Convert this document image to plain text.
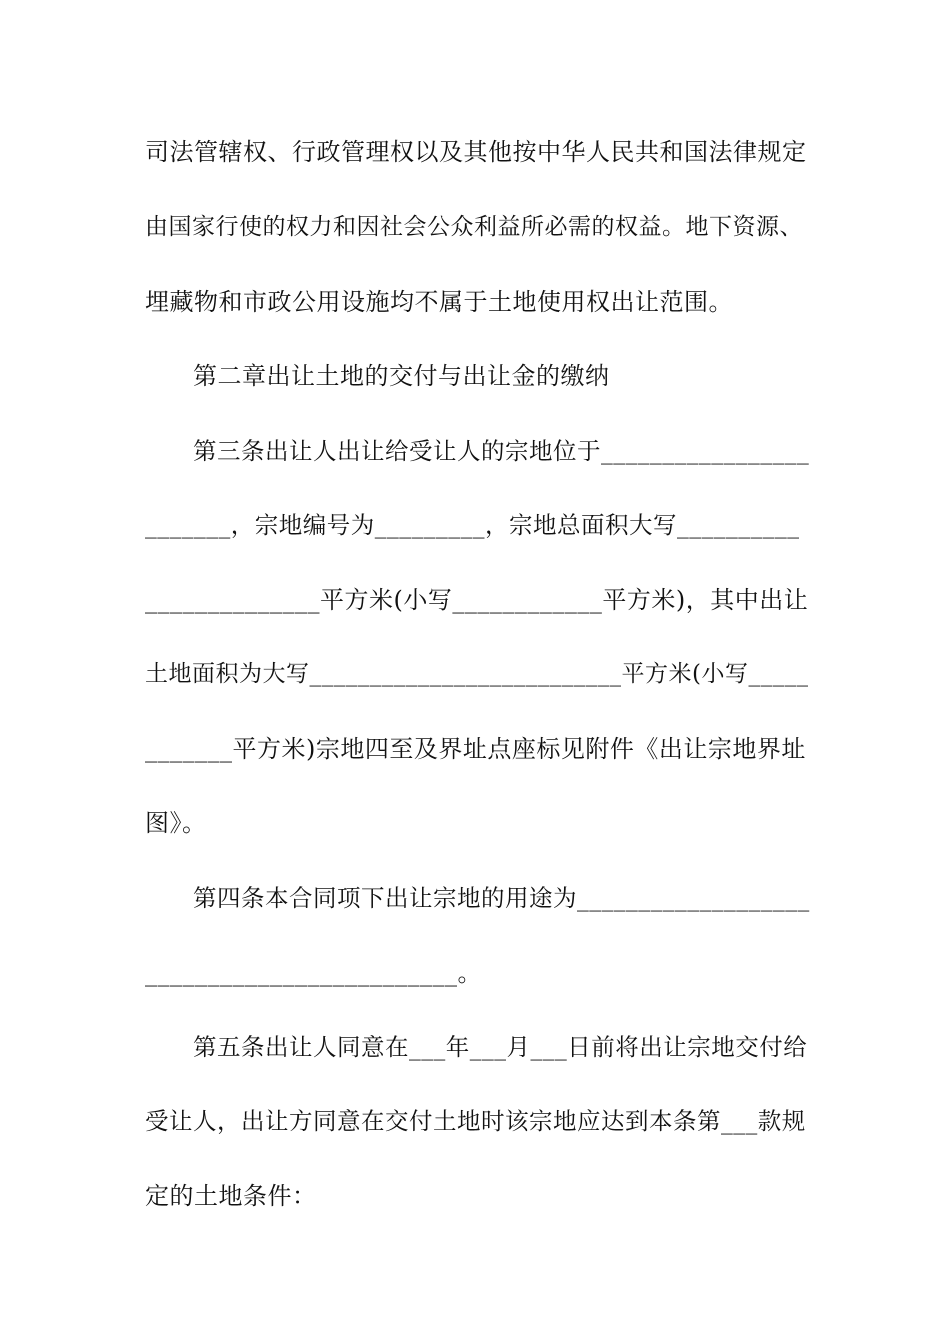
司法管辖权、行政管理权以及其他按中华人民共和国法律规定
由国家行使的权力和因社会公众利益所必需的权益。地下资源、
埋藏物和市政公用设施均不属于土地使用权出让范围。
第二章出让土地的交付与出让金的缴纳
第三条出让人出让给受让人的宗地位于_________________
_______，宗地编号为_________，宗地总面积大写__________
______________平方米(小写____________平方米)，其中出让
土地面积为大写__________________________平方米(小写_____
_______平方米)宗地四至及界址点座标见附件《出让宗地界址
图》。
第四条本合同项下出让宗地的用途为___________________
_________________________。
第五条出让人同意在___年___月___日前将出让宗地交付给
受让人，出让方同意在交付土地时该宗地应达到本条第___款规
定的土地条件：
